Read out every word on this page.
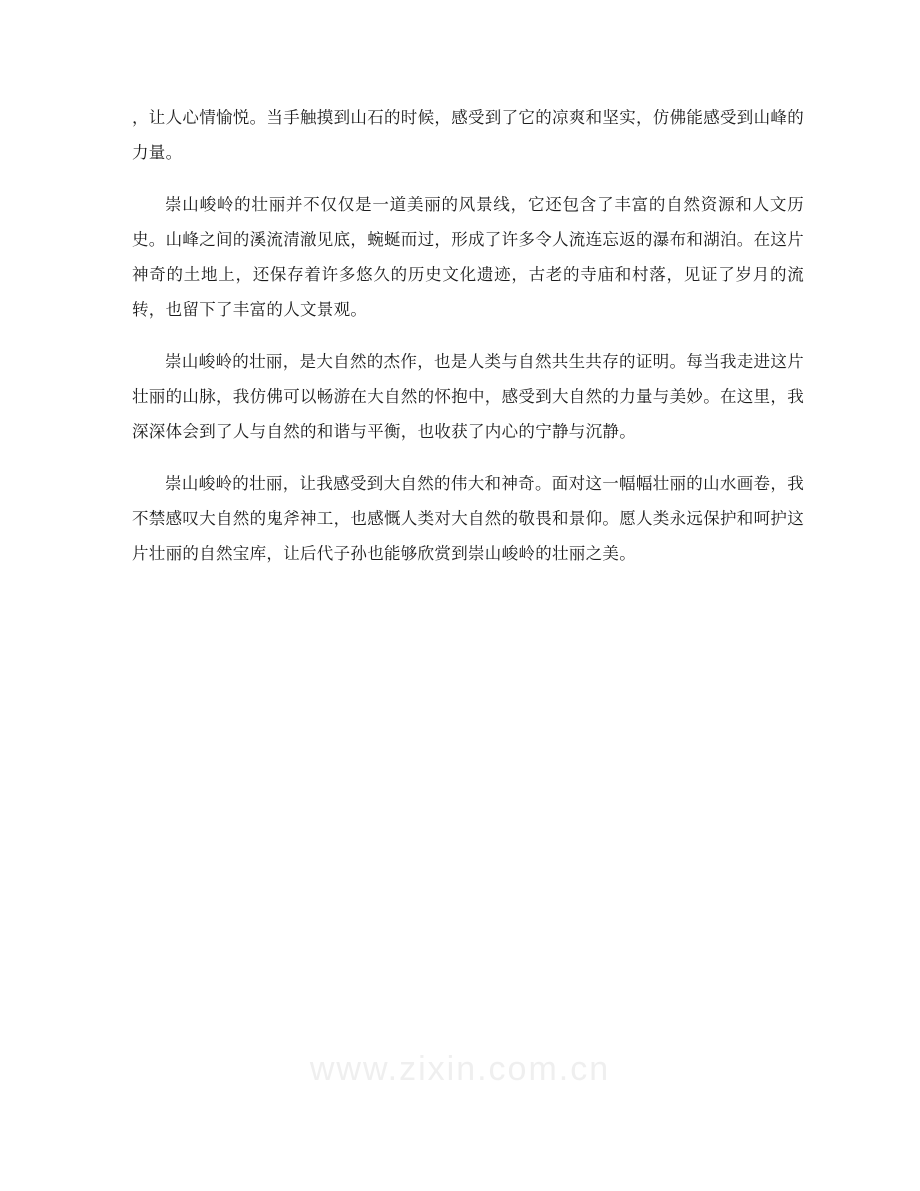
，让人心情愉悦。当手触摸到山石的时候，感受到了它的凉爽和坚实，仿佛能感受到山峰的力量。

崇山峻岭的壮丽并不仅仅是一道美丽的风景线，它还包含了丰富的自然资源和人文历史。山峰之间的溪流清澈见底，蜿蜒而过，形成了许多令人流连忘返的瀑布和湖泊。在这片神奇的土地上，还保存着许多悠久的历史文化遗迹，古老的寺庙和村落，见证了岁月的流转，也留下了丰富的人文景观。

崇山峻岭的壮丽，是大自然的杰作，也是人类与自然共生共存的证明。每当我走进这片壮丽的山脉，我仿佛可以畅游在大自然的怀抱中，感受到大自然的力量与美妙。在这里，我深深体会到了人与自然的和谐与平衡，也收获了内心的宁静与沉静。

崇山峻岭的壮丽，让我感受到大自然的伟大和神奇。面对这一幅幅壮丽的山水画卷，我不禁感叹大自然的鬼斧神工，也感慨人类对大自然的敬畏和景仰。愿人类永远保护和呵护这片壮丽的自然宝库，让后代子孙也能够欣赏到崇山峻岭的壮丽之美。

www.zixin.com.cn
